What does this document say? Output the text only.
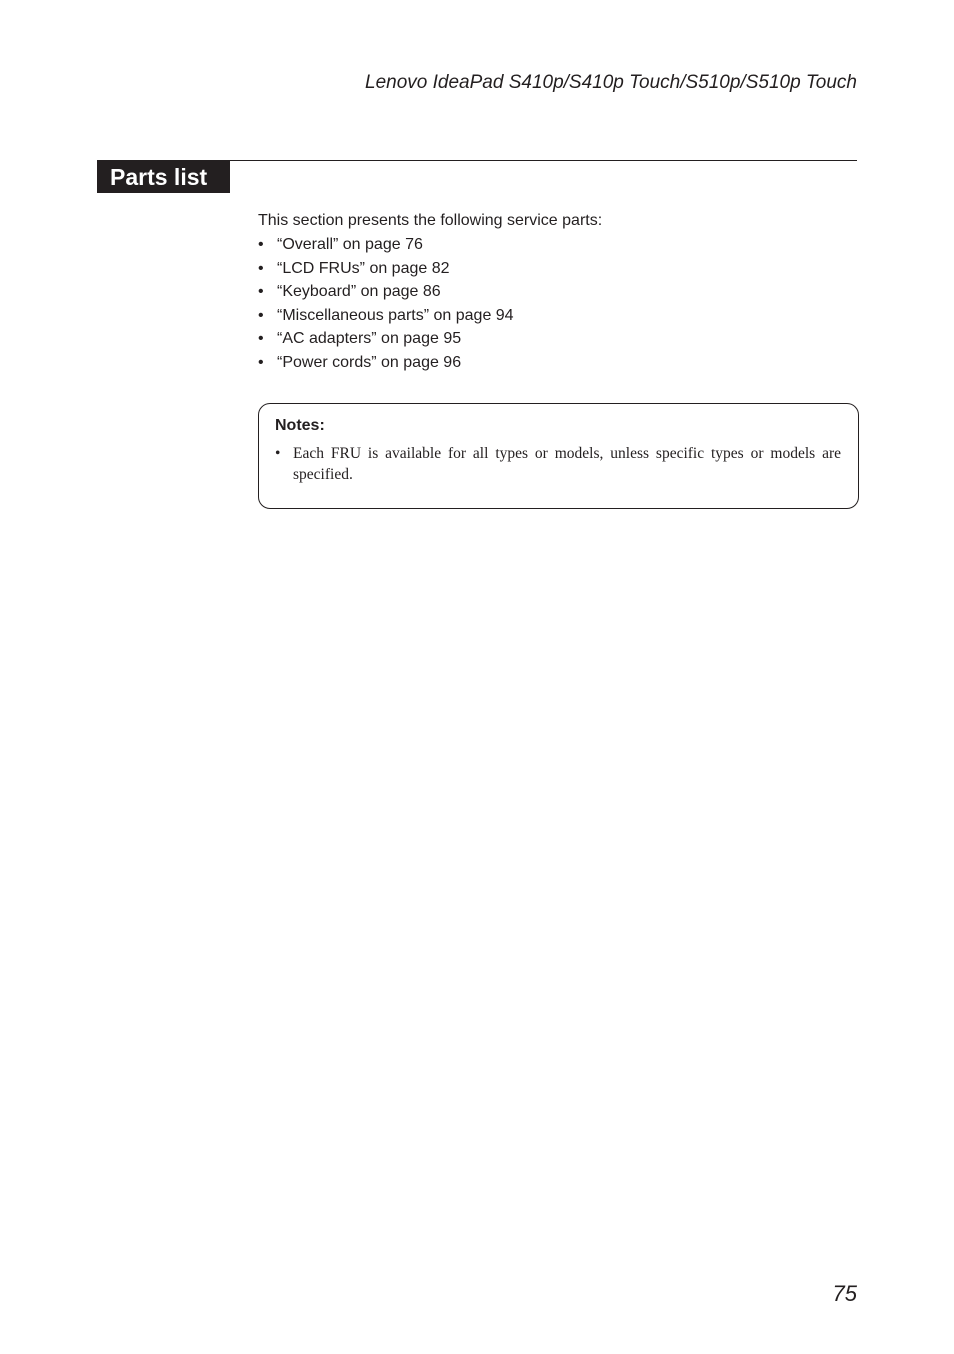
Lenovo IdeaPad S410p/S410p Touch/S510p/S510p Touch
Parts list
This section presents the following service parts:
• “Overall” on page 76
• “LCD FRUs” on page 82
• “Keyboard” on page 86
• “Miscellaneous parts” on page 94
• “AC adapters” on page 95
• “Power cords” on page 96
Notes:
• Each FRU is available for all types or models, unless specific types or models are specified.
75
